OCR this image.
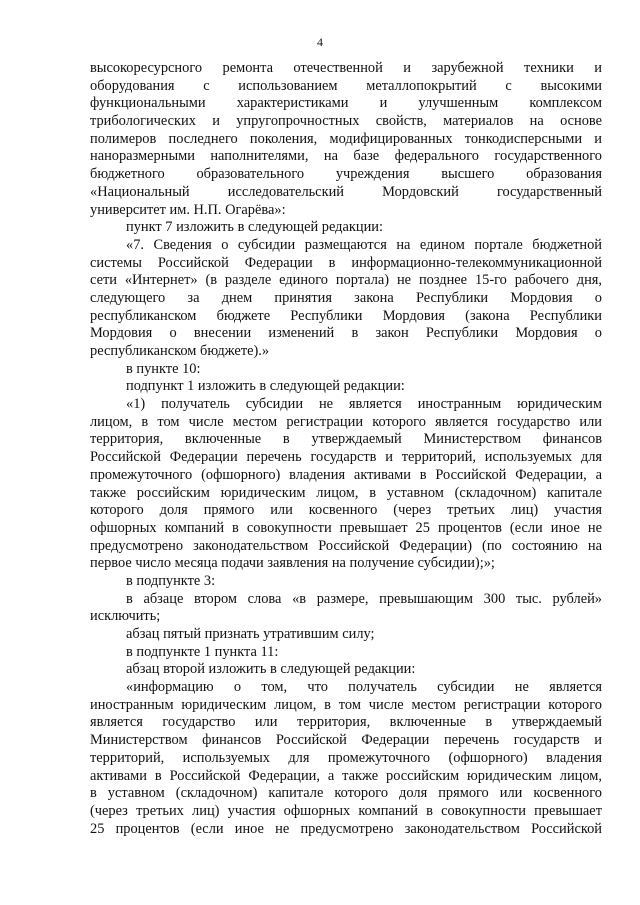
4
высокоресурсного ремонта отечественной и зарубежной техники и
оборудования с использованием металлопокрытий с высокими
функциональными характеристиками и улучшенным комплексом
трибологических и упругопрочностных свойств, материалов на основе
полимеров последнего поколения, модифицированных тонкодисперсными и
наноразмерными наполнителями, на базе федерального государственного
бюджетного образовательного учреждения высшего образования
«Национальный исследовательский Мордовский государственный
университет им. Н.П. Огарёва»:
пункт 7 изложить в следующей редакции:
«7. Сведения о субсидии размещаются на едином портале бюджетной
системы Российской Федерации в информационно-телекоммуникационной
сети «Интернет» (в разделе единого портала) не позднее 15-го рабочего дня,
следующего за днем принятия закона Республики Мордовия о
республиканском бюджете Республики Мордовия (закона Республики
Мордовия о внесении изменений в закон Республики Мордовия о
республиканском бюджете).»
в пункте 10:
подпункт 1 изложить в следующей редакции:
«1) получатель субсидии не является иностранным юридическим
лицом, в том числе местом регистрации которого является государство или
территория, включенные в утверждаемый Министерством финансов
Российской Федерации перечень государств и территорий, используемых для
промежуточного (офшорного) владения активами в Российской Федерации, а
также российским юридическим лицом, в уставном (складочном) капитале
которого доля прямого или косвенного (через третьих лиц) участия
офшорных компаний в совокупности превышает 25 процентов (если иное не
предусмотрено законодательством Российской Федерации) (по состоянию на
первое число месяца подачи заявления на получение субсидии);»;
в подпункте 3:
в абзаце втором слова «в размере, превышающим 300 тыс. рублей»
исключить;
абзац пятый признать утратившим силу;
в подпункте 1 пункта 11:
абзац второй изложить в следующей редакции:
«информацию о том, что получатель субсидии не является
иностранным юридическим лицом, в том числе местом регистрации которого
является государство или территория, включенные в утверждаемый
Министерством финансов Российской Федерации перечень государств и
территорий, используемых для промежуточного (офшорного) владения
активами в Российской Федерации, а также российским юридическим лицом,
в уставном (складочном) капитале которого доля прямого или косвенного
(через третьих лиц) участия офшорных компаний в совокупности превышает
25 процентов (если иное не предусмотрено законодательством Российской
